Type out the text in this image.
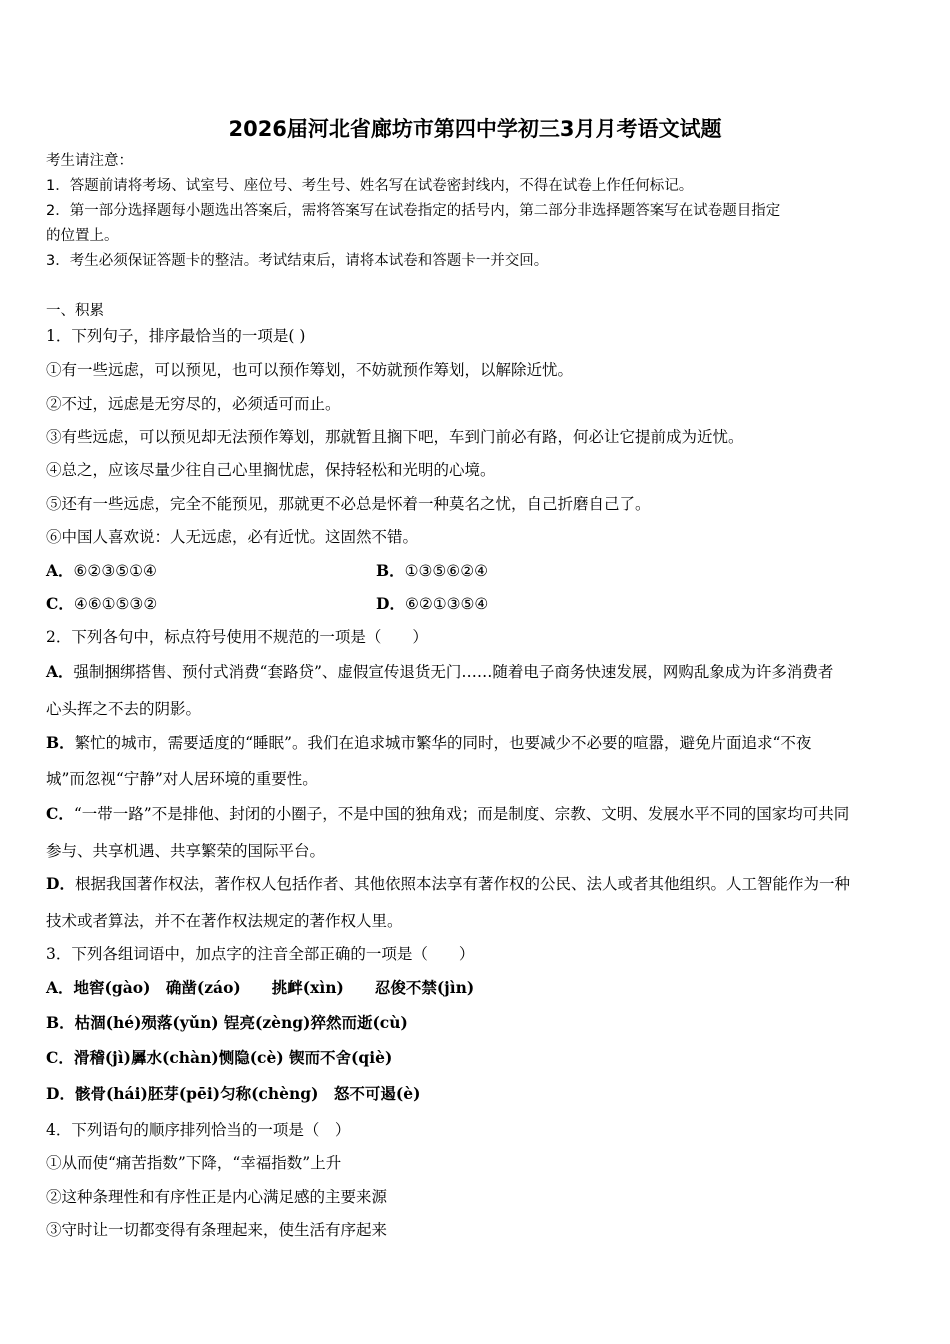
2026届河北省廊坊市第四中学初三3月月考语文试题
考生请注意：
1．答题前请将考场、试室号、座位号、考生号、姓名写在试卷密封线内，不得在试卷上作任何标记。
2．第一部分选择题每小题选出答案后，需将答案写在试卷指定的括号内，第二部分非选择题答案写在试卷题目指定
的位置上。
3．考生必须保证答题卡的整洁。考试结束后，请将本试卷和答题卡一并交回。
一、积累
1．下列句子，排序最恰当的一项是( )
①有一些远虑，可以预见，也可以预作筹划，不妨就预作筹划，以解除近忧。
②不过，远虑是无穷尽的，必须适可而止。
③有些远虑，可以预见却无法预作筹划，那就暂且搁下吧，车到门前必有路，何必让它提前成为近忧。
④总之，应该尽量少往自己心里搁忧虑，保持轻松和光明的心境。
⑤还有一些远虑，完全不能预见，那就更不必总是怀着一种莫名之忧，自己折磨自己了。
⑥中国人喜欢说：人无远虑，必有近忧。这固然不错。
A．⑥②③⑤①④	B．①③⑤⑥②④
C．④⑥①⑤③②	D．⑥②①③⑤④
2．下列各句中，标点符号使用不规范的一项是（　　）
A．强制捆绑搭售、预付式消费“套路贷”、虚假宣传退货无门……随着电子商务快速发展，网购乱象成为许多消费者
心头挥之不去的阴影。
B．繁忙的城市，需要适度的“睡眠”。我们在追求城市繁华的同时，也要减少不必要的喧嚣，避免片面追求“不夜
城”而忽视“宁静”对人居环境的重要性。
C．“一带一路”不是排他、封闭的小圈子，不是中国的独角戏；而是制度、宗教、文明、发展水平不同的国家均可共同
参与、共享机遇、共享繁荣的国际平台。
D．根据我国著作权法，著作权人包括作者、其他依照本法享有著作权的公民、法人或者其他组织。人工智能作为一种
技术或者算法，并不在著作权法规定的著作权人里。
3．下列各组词语中，加点字的注音全部正确的一项是（　　）
A．地窖(gào)　确凿(záo)　　挑衅(xìn)　　忍俊不禁(jìn)
B．枯涸(hé)殒落(yǔn) 锃亮(zèng)猝然而逝(cù)
C．滑稽(jì)羼水(chàn)恻隐(cè) 锲而不舍(qiè)
D．骸骨(hái)胚芽(pēi)匀称(chèng)　怒不可遏(è)
4．下列语句的顺序排列恰当的一项是（　）
①从而使“痛苦指数”下降，“幸福指数”上升
②这种条理性和有序性正是内心满足感的主要来源
③守时让一切都变得有条理起来，使生活有序起来
